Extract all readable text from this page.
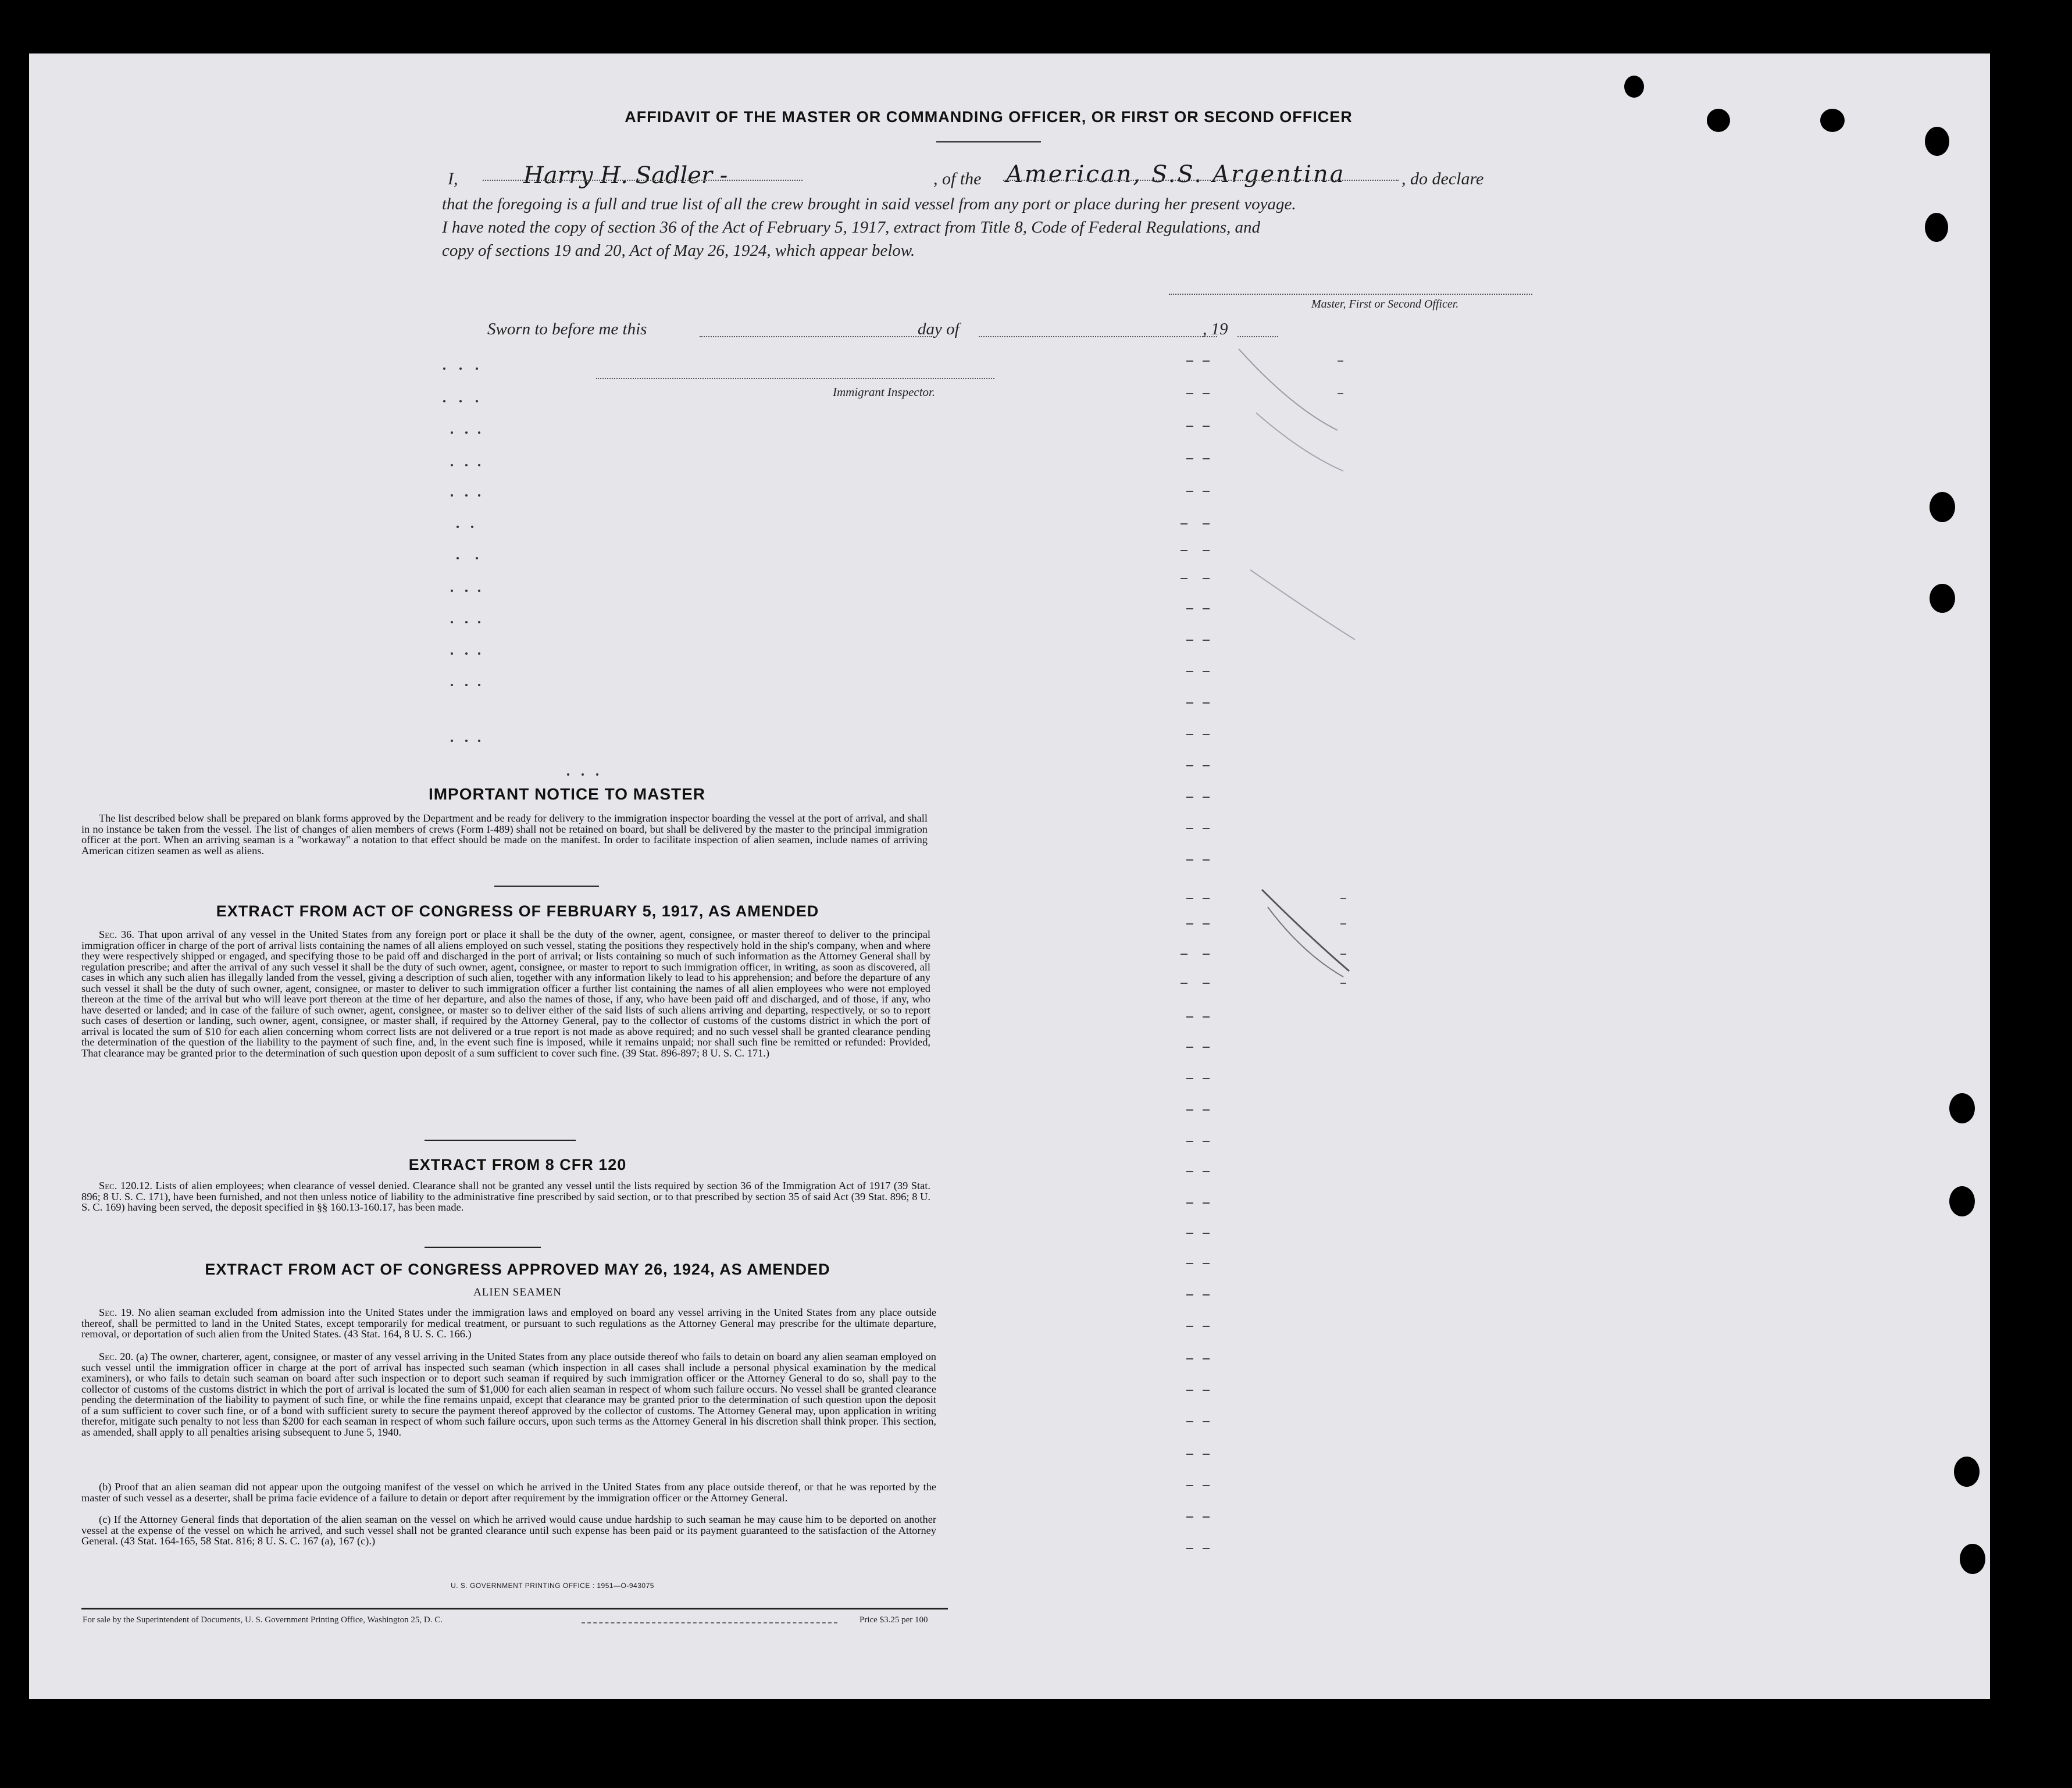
AFFIDAVIT OF THE MASTER OR COMMANDING OFFICER, OR FIRST OR SECOND OFFICER
I,	Harry H. Sadler -	, of the American, S.S. Argentina	, do declare
that the foregoing is a full and true list of all the crew brought in said vessel from any port or place during her present voyage.
I have noted the copy of section 36 of the Act of February 5, 1917, extract from Title 8, Code of Federal Regulations, and
copy of sections 19 and 20, Act of May 26, 1924, which appear below.
Master, First or Second Officer.
Sworn to before me this	day of	, 19
Immigrant Inspector.
IMPORTANT NOTICE TO MASTER
The list described below shall be prepared on blank forms approved by the Department and be ready for delivery to the immigration inspector boarding the vessel at the port of arrival, and shall in no instance be taken from the vessel. The list of changes of alien members of crews (Form I-489) shall not be retained on board, but shall be delivered by the master to the principal immigration officer at the port. When an arriving seaman is a "workaway" a notation to that effect should be made on the manifest. In order to facilitate inspection of alien seamen, include names of arriving American citizen seamen as well as aliens.
EXTRACT FROM ACT OF CONGRESS OF FEBRUARY 5, 1917, AS AMENDED
Sec. 36. That upon arrival of any vessel in the United States from any foreign port or place it shall be the duty of the owner, agent, consignee, or master thereof to deliver to the principal immigration officer in charge of the port of arrival lists containing the names of all aliens employed on such vessel, stating the positions they respectively hold in the ship's company, when and where they were respectively shipped or engaged, and specifying those to be paid off and discharged in the port of arrival; or lists containing so much of such information as the Attorney General shall by regulation prescribe; and after the arrival of any such vessel it shall be the duty of such owner, agent, consignee, or master to report to such immigration officer, in writing, as soon as discovered, all cases in which any such alien has illegally landed from the vessel, giving a description of such alien, together with any information likely to lead to his apprehension; and before the departure of any such vessel it shall be the duty of such owner, agent, consignee, or master to deliver to such immigration officer a further list containing the names of all alien employees who were not employed thereon at the time of the arrival but who will leave port thereon at the time of her departure, and also the names of those, if any, who have been paid off and discharged, and of those, if any, who have deserted or landed; and in case of the failure of such owner, agent, consignee, or master so to deliver either of the said lists of such aliens arriving and departing, respectively, or so to report such cases of desertion or landing, such owner, agent, consignee, or master shall, if required by the Attorney General, pay to the collector of customs of the customs district in which the port of arrival is located the sum of $10 for each alien concerning whom correct lists are not delivered or a true report is not made as above required; and no such vessel shall be granted clearance pending the determination of the question of the liability to the payment of such fine, and, in the event such fine is imposed, while it remains unpaid; nor shall such fine be remitted or refunded: Provided, That clearance may be granted prior to the determination of such question upon deposit of a sum sufficient to cover such fine. (39 Stat. 896-897; 8 U. S. C. 171.)
EXTRACT FROM 8 CFR 120
Sec. 120.12. Lists of alien employees; when clearance of vessel denied. Clearance shall not be granted any vessel until the lists required by section 36 of the Immigration Act of 1917 (39 Stat. 896; 8 U. S. C. 171), have been furnished, and not then unless notice of liability to the administrative fine prescribed by said section, or to that prescribed by section 35 of said Act (39 Stat. 896; 8 U. S. C. 169) having been served, the deposit specified in §§ 160.13-160.17, has been made.
EXTRACT FROM ACT OF CONGRESS APPROVED MAY 26, 1924, AS AMENDED
ALIEN SEAMEN
Sec. 19. No alien seaman excluded from admission into the United States under the immigration laws and employed on board any vessel arriving in the United States from any place outside thereof, shall be permitted to land in the United States, except temporarily for medical treatment, or pursuant to such regulations as the Attorney General may prescribe for the ultimate departure, removal, or deportation of such alien from the United States. (43 Stat. 164, 8 U. S. C. 166.)
Sec. 20. (a) The owner, charterer, agent, consignee, or master of any vessel arriving in the United States from any place outside thereof who fails to detain on board any alien seaman employed on such vessel until the immigration officer in charge at the port of arrival has inspected such seaman (which inspection in all cases shall include a personal physical examination by the medical examiners), or who fails to detain such seaman on board after such inspection or to deport such seaman if required by such immigration officer or the Attorney General to do so, shall pay to the collector of customs of the customs district in which the port of arrival is located the sum of $1,000 for each alien seaman in respect of whom such failure occurs. No vessel shall be granted clearance pending the determination of the liability to payment of such fine, or while the fine remains unpaid, except that clearance may be granted prior to the determination of such question upon the deposit of a sum sufficient to cover such fine, or of a bond with sufficient surety to secure the payment thereof approved by the collector of customs. The Attorney General may, upon application in writing therefor, mitigate such penalty to not less than $200 for each seaman in respect of whom such failure occurs, upon such terms as the Attorney General in his discretion shall think proper. This section, as amended, shall apply to all penalties arising subsequent to June 5, 1940.
(b) Proof that an alien seaman did not appear upon the outgoing manifest of the vessel on which he arrived in the United States from any place outside thereof, or that he was reported by the master of such vessel as a deserter, shall be prima facie evidence of a failure to detain or deport after requirement by the immigration officer or the Attorney General.
(c) If the Attorney General finds that deportation of the alien seaman on the vessel on which he arrived would cause undue hardship to such seaman he may cause him to be deported on another vessel at the expense of the vessel on which he arrived, and such vessel shall not be granted clearance until such expense has been paid or its payment guaranteed to the satisfaction of the Attorney General. (43 Stat. 164-165, 58 Stat. 816; 8 U. S. C. 167 (a), 167 (c).)
U. S. GOVERNMENT PRINTING OFFICE : 1951—O-943075
For sale by the Superintendent of Documents, U. S. Government Printing Office, Washington 25, D. C.	Price $3.25 per 100
